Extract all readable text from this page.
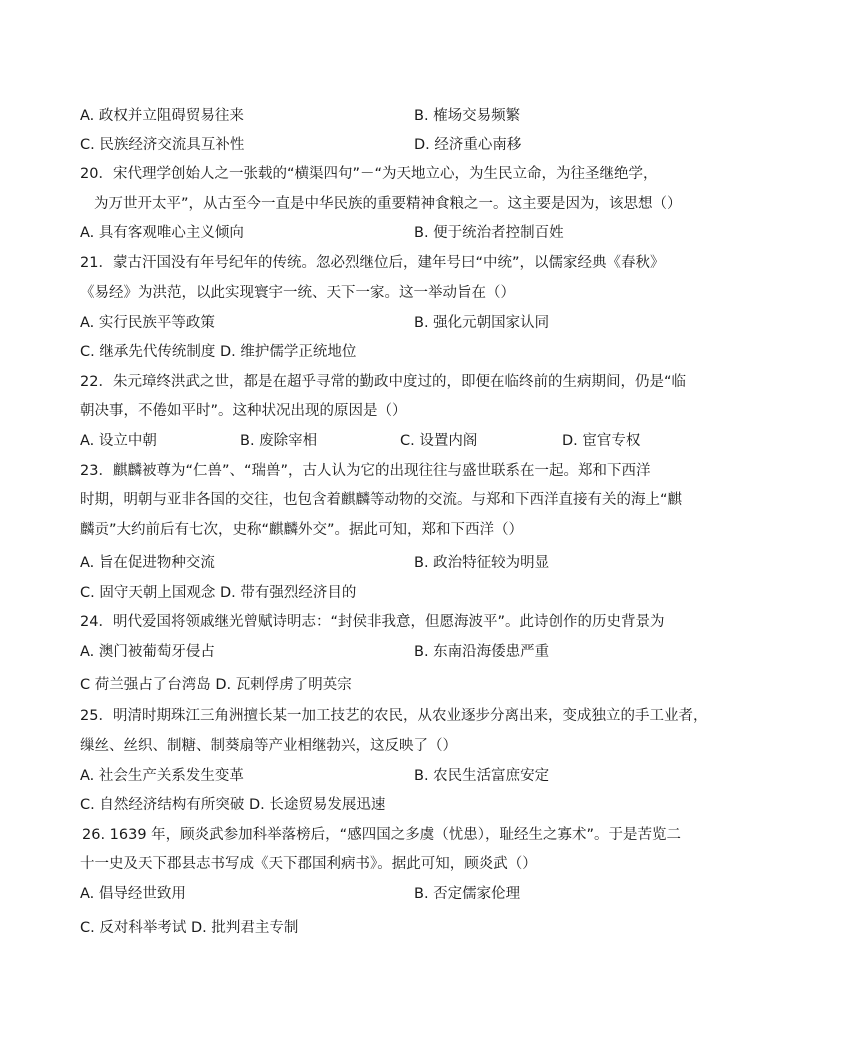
A. 政权并立阻碍贸易往来	B. 榷场交易频繁
C. 民族经济交流具互补性	D. 经济重心南移
20．宋代理学创始人之一张载的“横渠四句”－“为天地立心，为生民立命，为往圣继绝学，
为万世开太平”，从古至今一直是中华民族的重要精神食粮之一。这主要是因为，该思想（）
A. 具有客观唯心主义倾向	B. 便于统治者控制百姓
21．蒙古汗国没有年号纪年的传统。忽必烈继位后，建年号曰“中统”，以儒家经典《春秋》
《易经》为洪范，以此实现寰宇一统、天下一家。这一举动旨在（）
A. 实行民族平等政策	B. 强化元朝国家认同
C. 继承先代传统制度 D. 维护儒学正统地位
22．朱元璋终洪武之世，都是在超乎寻常的勤政中度过的，即便在临终前的生病期间，仍是“临
朝决事，不倦如平时”。这种状况出现的原因是（）
A. 设立中朝	B. 废除宰相	C. 设置内阁	D. 宦官专权
23．麒麟被尊为“仁兽”、“瑞兽”，古人认为它的出现往往与盛世联系在一起。郑和下西洋
时期，明朝与亚非各国的交往，也包含着麒麟等动物的交流。与郑和下西洋直接有关的海上“麒
麟贡”大约前后有七次，史称“麒麟外交”。据此可知，郑和下西洋（）
A. 旨在促进物种交流	B. 政治特征较为明显
C. 固守天朝上国观念 D. 带有强烈经济目的
24．明代爱国将领戚继光曾赋诗明志：“封侯非我意，但愿海波平”。此诗创作的历史背景为
A. 澳门被葡萄牙侵占	B. 东南沿海倭患严重
C 荷兰强占了台湾岛 D. 瓦剌俘虏了明英宗
25．明清时期珠江三角洲擅长某一加工技艺的农民，从农业逐步分离出来，变成独立的手工业者，
缫丝、丝织、制糖、制葵扇等产业相继勃兴，这反映了（）
A. 社会生产关系发生变革	B. 农民生活富庶安定
C. 自然经济结构有所突破 D. 长途贸易发展迅速
26. 1639 年，顾炎武参加科举落榜后，“感四国之多虞（忧患），耻经生之寡术”。于是苦览二
十一史及天下郡县志书写成《天下郡国利病书》。据此可知，顾炎武（）
A. 倡导经世致用	B. 否定儒家伦理
C. 反对科举考试 D. 批判君主专制
